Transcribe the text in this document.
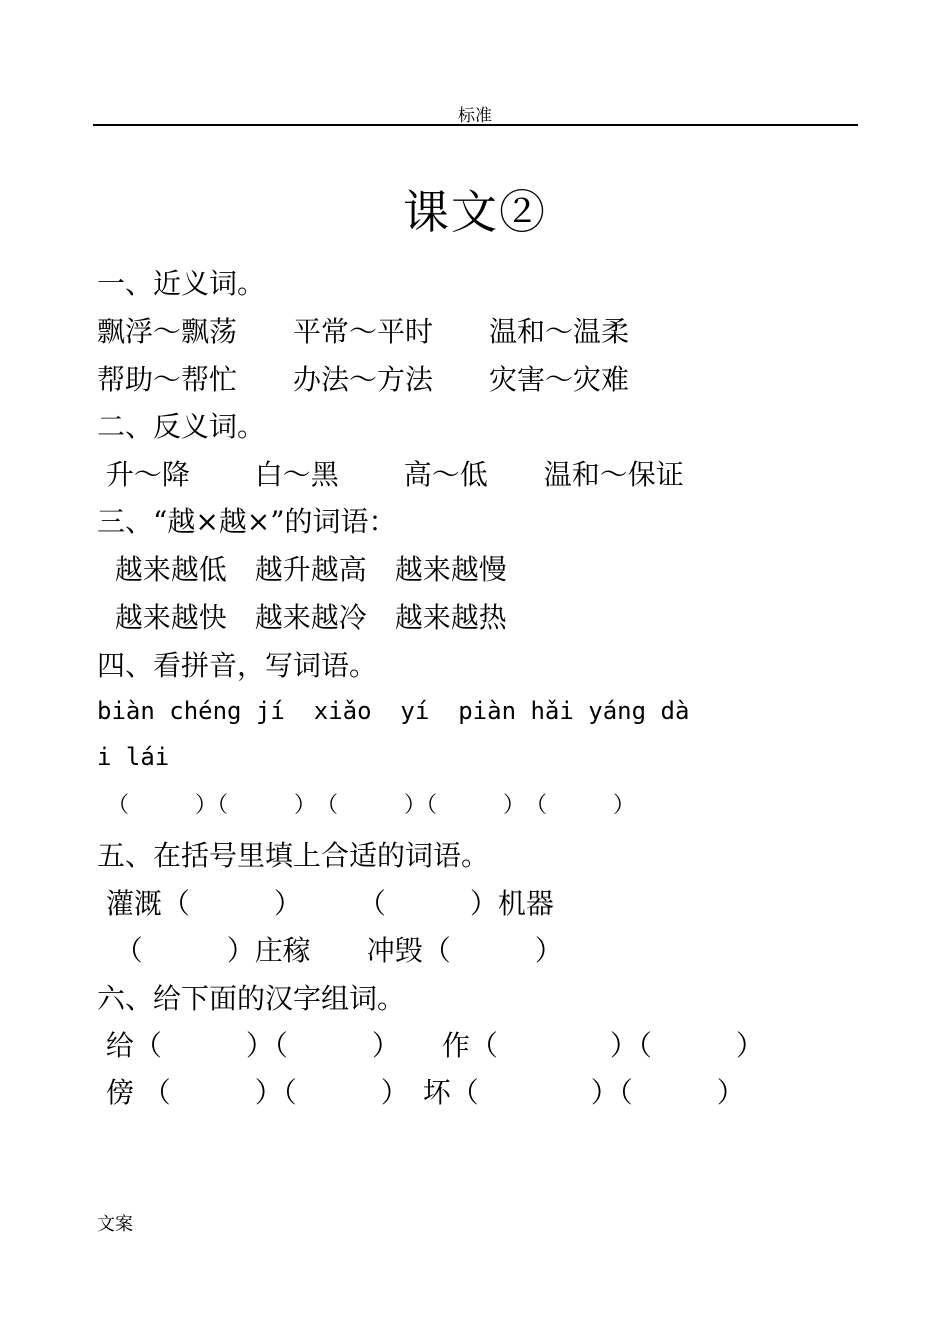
标准
课文②
一、近义词。
飘浮～飘荡　　平常～平时　　温和～温柔
帮助～帮忙　　办法～方法　　灾害～灾难
二、反义词。
升～降　　 白～黑　　 高～低　　温和～保证
三、“越×越×”的词语：
越来越低　越升越高　越来越慢
越来越快　越来越冷　越来越热
四、看拼音，写词语。
biàn chéng jí  xiǎo  yí  piàn hǎi yáng dà
i lái
（　　　）（　　　）　（　　　）（　　　）　（　　　）
五、在括号里填上合适的词语。
灌溉（　　　）　　　（　　　）机器
（　　　）庄稼　　冲毁（　　　）
六、给下面的汉字组词。
给（　　　）（　　　）　　作（　　　　）（　　　）
傍 （　　　）（　　　）　坏（　　　　）（　　　）
文案
